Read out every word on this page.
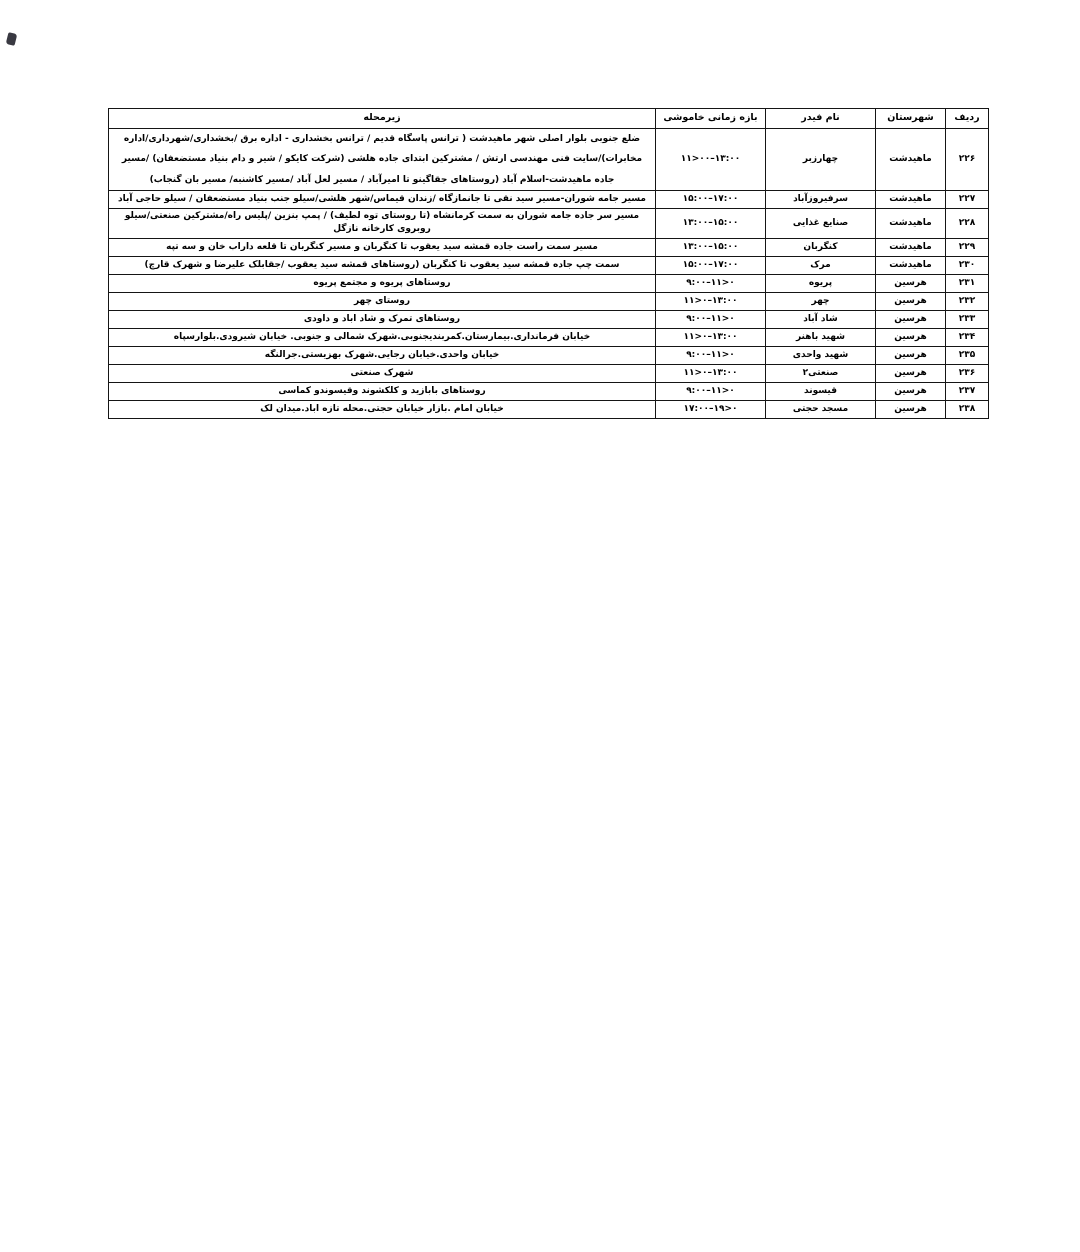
ردیف	شهرستان	نام فیدر	بازه زمانی خاموشی	زیرمحله
۲۲۶	ماهیدشت	چهارزبر	۱۱>۰۰–۱۳:۰۰	ضلع جنوبی بلوار اصلی شهر ماهیدشت ( ترانس پاسگاه قدیم / ترانس بخشداری - اداره برق /بخشداری/شهرداری/اداره مخابرات)/سایت فنی مهندسی ارتش / مشترکین ابتدای جاده هلشی (شرکت کایکو / شیر و دام بنیاد مستضعفان) /مسیر جاده ماهیدشت-اسلام آباد (روستاهای جقاگینو تا امیرآباد / مسیر لعل آباد /مسیر کاشنبه/ مسیر بان گنجاب)
۲۲۷	ماهیدشت	سرفیروزآباد	۱۵:۰۰–۱۷:۰۰	مسیر جامه شوران-مسیر سید نقی تا جانمازگاه /زندان قیماس/شهر هلشی/سیلو جنب بنیاد مستضعفان / سیلو حاجی آباد
۲۲۸	ماهیدشت	صنایع غذایی	۱۳:۰۰–۱۵:۰۰	مسیر سر جاده جامه شوران به سمت کرمانشاه (تا روستای توه لطیف) / پمپ بنزین /پلیس راه/مشترکین صنعتی/سیلو روبروی کارخانه نازگل
۲۲۹	ماهیدشت	کنگربان	۱۳:۰۰–۱۵:۰۰	مسیر سمت راست جاده قمشه سید یعقوب تا کنگربان و مسیر کنگربان تا قلعه داراب خان و سه تپه
۲۳۰	ماهیدشت	مرک	۱۵:۰۰–۱۷:۰۰	سمت چپ جاده قمشه سید یعقوب تا کنگربان (روستاهای قمشه سید یعقوب /جقابلک علیرضا و شهرک قارچ)
۲۳۱	هرسین	پریوه	۹:۰۰–۱۱>۰	روستاهای پریوه و مجتمع پریوه
۲۳۲	هرسین	چهر	۱۱>۰–۱۳:۰۰	روستای چهر
۲۳۳	هرسین	شاد آباد	۹:۰۰–۱۱>۰	روستاهای تمرک و شاد اباد و داودی
۲۳۴	هرسین	شهید باهنر	۱۱>۰–۱۳:۰۰	خیابان فرمانداری.بیمارستان.کمربندیجنوبی.شهرک شمالی و جنوبی. خیابان شیرودی.بلوارسپاه
۲۳۵	هرسین	شهید واحدی	۹:۰۰–۱۱>۰	خیابان واحدی.خیابان رجایی.شهرک بهزیستی.جرالنگه
۲۳۶	هرسین	صنعتی۲	۱۱>۰–۱۳:۰۰	شهرک صنعتی
۲۳۷	هرسین	قیسوند	۹:۰۰–۱۱>۰	روستاهای بابازید و کلکشوند وقیسوندو کماسی
۲۳۸	هرسین	مسجد حجتی	۱۷:۰۰–۱۹>۰	خیابان امام .بازار خیابان حجتی.محله تازه اباد.میدان لک
